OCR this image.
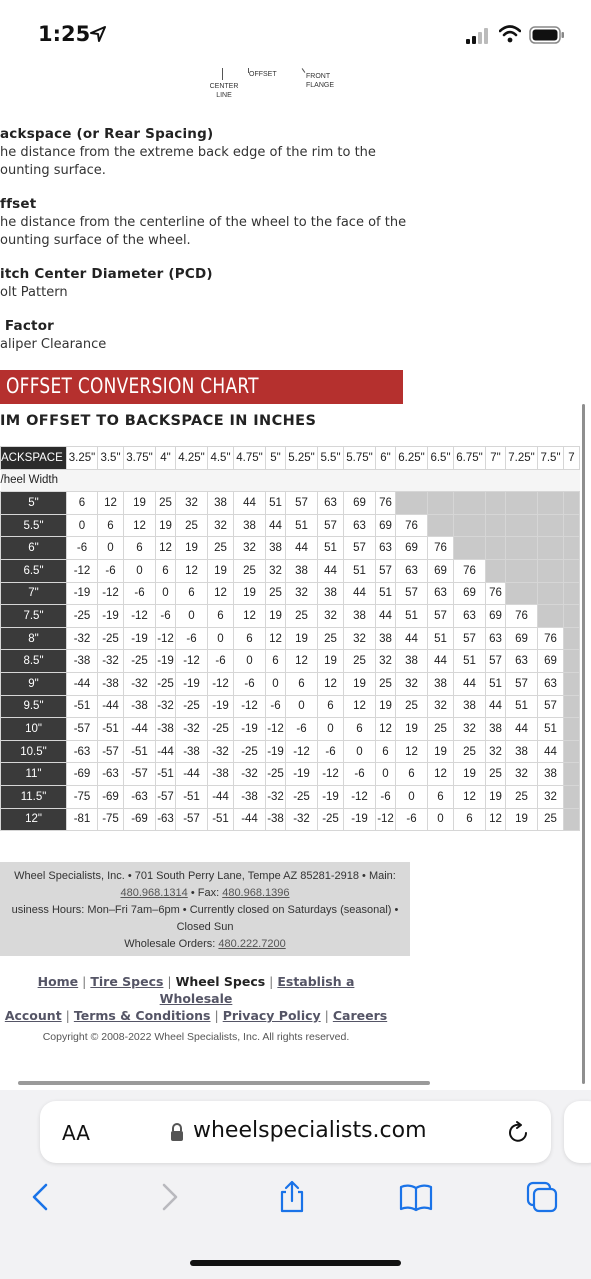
1:25
CENTER
LINE
OFFSET	FRONT
FLANGE
ackspace (or Rear Spacing)
he distance from the extreme back edge of the rim to the
ounting surface.
ffset
he distance from the centerline of the wheel to the face of the
ounting surface of the wheel.
itch Center Diameter (PCD)
olt Pattern
Factor
aliper Clearance
OFFSET CONVERSION CHART
IM OFFSET TO BACKSPACE IN INCHES
ACKSPACE	3.25"	3.5"	3.75"	4"	4.25"	4.5"	4.75"	5"	5.25"	5.5"	5.75"	6"	6.25"	6.5"	6.75"	7"	7.25"	7.5"	7
/heel Width																			
5"	6	12	19	25	32	38	44	51	57	63	69	76							
5.5"	0	6	12	19	25	32	38	44	51	57	63	69	76						
6"	-6	0	6	12	19	25	32	38	44	51	57	63	69	76					
6.5"	-12	-6	0	6	12	19	25	32	38	44	51	57	63	69	76				
7"	-19	-12	-6	0	6	12	19	25	32	38	44	51	57	63	69	76			
7.5"	-25	-19	-12	-6	0	6	12	19	25	32	38	44	51	57	63	69	76		
8"	-32	-25	-19	-12	-6	0	6	12	19	25	32	38	44	51	57	63	69	76	
8.5"	-38	-32	-25	-19	-12	-6	0	6	12	19	25	32	38	44	51	57	63	69	
9"	-44	-38	-32	-25	-19	-12	-6	0	6	12	19	25	32	38	44	51	57	63	
9.5"	-51	-44	-38	-32	-25	-19	-12	-6	0	6	12	19	25	32	38	44	51	57	
10"	-57	-51	-44	-38	-32	-25	-19	-12	-6	0	6	12	19	25	32	38	44	51	
10.5"	-63	-57	-51	-44	-38	-32	-25	-19	-12	-6	0	6	12	19	25	32	38	44	
11"	-69	-63	-57	-51	-44	-38	-32	-25	-19	-12	-6	0	6	12	19	25	32	38	
11.5"	-75	-69	-63	-57	-51	-44	-38	-32	-25	-19	-12	-6	0	6	12	19	25	32	
12"	-81	-75	-69	-63	-57	-51	-44	-38	-32	-25	-19	-12	-6	0	6	12	19	25	
Wheel Specialists, Inc. • 701 South Perry Lane, Tempe AZ 85281-2918 • Main:
480.968.1314 • Fax: 480.968.1396
usiness Hours: Mon–Fri 7am–6pm • Currently closed on Saturdays (seasonal) •
Closed Sun
Wholesale Orders: 480.222.7200
Home | Tire Specs | Wheel Specs | Establish a Wholesale
Account | Terms & Conditions | Privacy Policy | Careers
Copyright © 2008-2022 Wheel Specialists, Inc. All rights reserved.
AA	wheelspecialists.com
